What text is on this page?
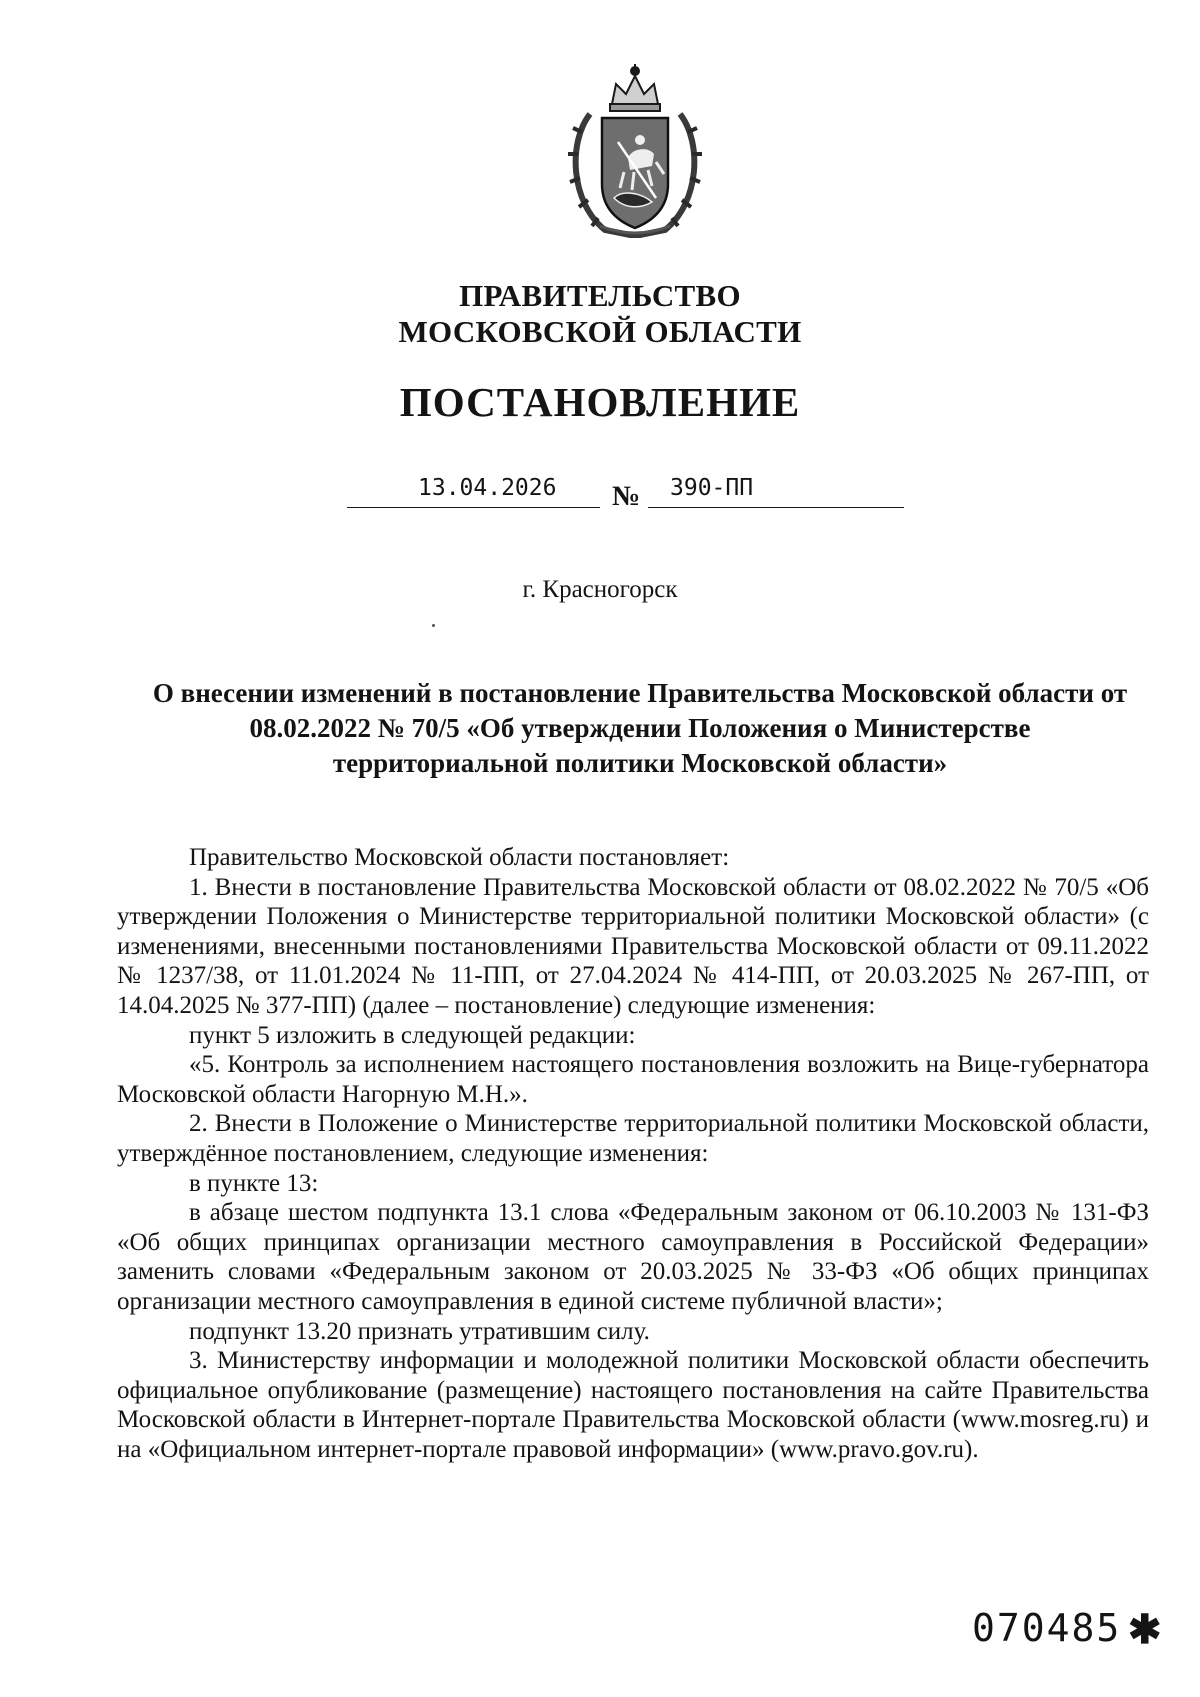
ПРАВИТЕЛЬСТВО
МОСКОВСКОЙ ОБЛАСТИ
ПОСТАНОВЛЕНИЕ
13.04.2026 № 390-ПП
г. Красногорск
О внесении изменений в постановление Правительства Московской области от 08.02.2022 № 70/5 «Об утверждении Положения о Министерстве территориальной политики Московской области»

Правительство Московской области постановляет:

1. Внести в постановление Правительства Московской области от 08.02.2022 № 70/5 «Об утверждении Положения о Министерстве территориальной политики Московской области» (с изменениями, внесенными постановлениями Правительства Московской области от 09.11.2022 № 1237/38, от 11.01.2024 № 11-ПП, от 27.04.2024 № 414-ПП, от 20.03.2025 № 267-ПП, от 14.04.2025 № 377-ПП) (далее – постановление) следующие изменения:

пункт 5 изложить в следующей редакции:

«5. Контроль за исполнением настоящего постановления возложить на Вице-губернатора Московской области Нагорную М.Н.».

2. Внести в Положение о Министерстве территориальной политики Московской области, утверждённое постановлением, следующие изменения:

в пункте 13:

в абзаце шестом подпункта 13.1 слова «Федеральным законом от 06.10.2003 № 131-ФЗ «Об общих принципах организации местного самоуправления в Российской Федерации» заменить словами «Федеральным законом от 20.03.2025 № 33-ФЗ «Об общих принципах организации местного самоуправления в единой системе публичной власти»;

подпункт 13.20 признать утратившим силу.

3. Министерству информации и молодежной политики Московской области обеспечить официальное опубликование (размещение) настоящего постановления на сайте Правительства Московской области в Интернет-портале Правительства Московской области (www.mosreg.ru) и на «Официальном интернет-портале правовой информации» (www.pravo.gov.ru).

070485 ✱
